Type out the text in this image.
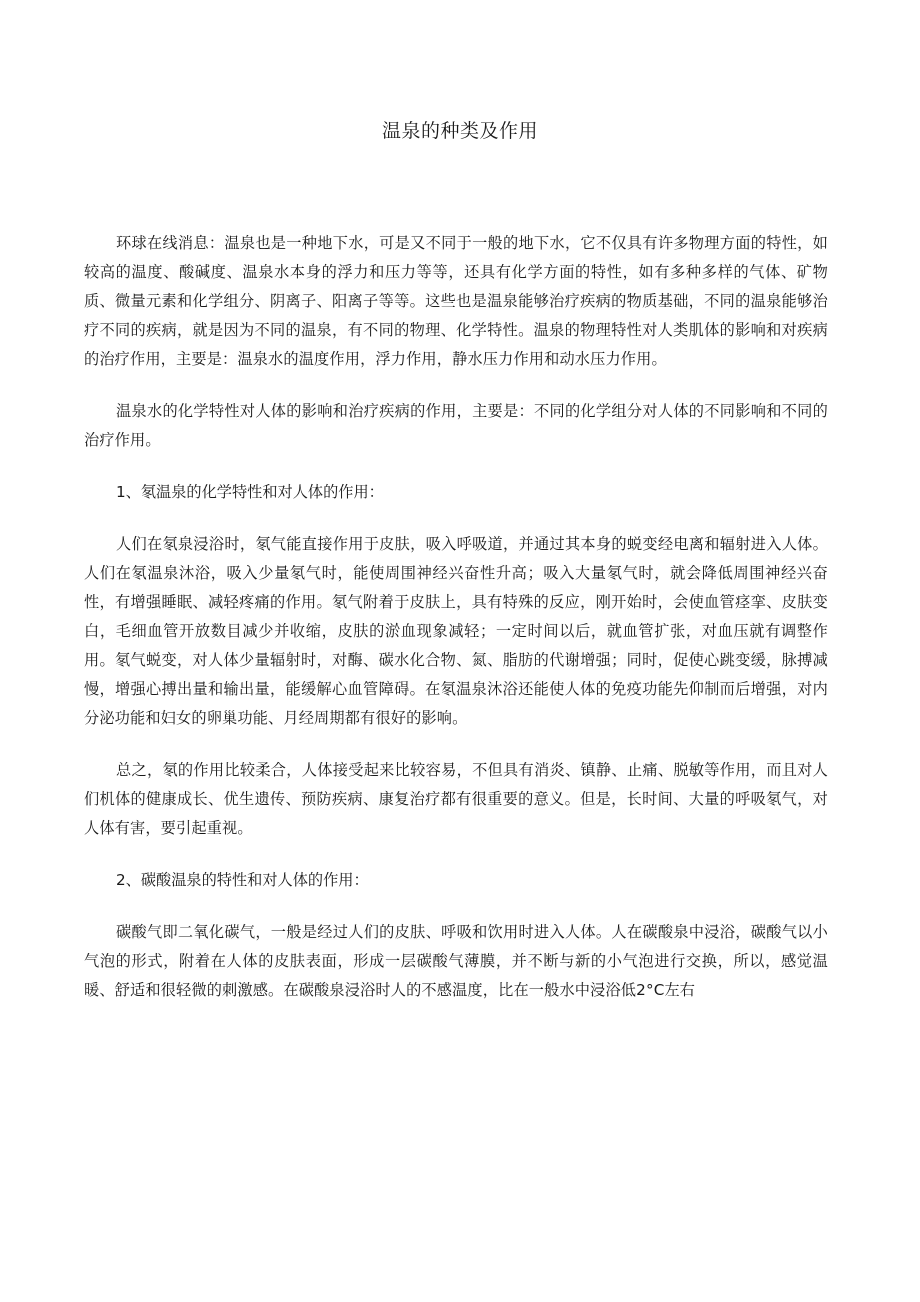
温泉的种类及作用

环球在线消息：温泉也是一种地下水，可是又不同于一般的地下水，它不仅具有许多物理方面的特性，如较高的温度、酸碱度、温泉水本身的浮力和压力等等，还具有化学方面的特性，如有多种多样的气体、矿物质、微量元素和化学组分、阴离子、阳离子等等。这些也是温泉能够治疗疾病的物质基础，不同的温泉能够治疗不同的疾病，就是因为不同的温泉，有不同的物理、化学特性。温泉的物理特性对人类肌体的影响和对疾病的治疗作用，主要是：温泉水的温度作用，浮力作用，静水压力作用和动水压力作用。

温泉水的化学特性对人体的影响和治疗疾病的作用，主要是：不同的化学组分对人体的不同影响和不同的治疗作用。

1、氡温泉的化学特性和对人体的作用：

人们在氡泉浸浴时，氡气能直接作用于皮肤，吸入呼吸道，并通过其本身的蜕变经电离和辐射进入人体。人们在氡温泉沐浴，吸入少量氡气时，能使周围神经兴奋性升高；吸入大量氡气时，就会降低周围神经兴奋性，有增强睡眠、减轻疼痛的作用。氡气附着于皮肤上，具有特殊的反应，刚开始时，会使血管痉挛、皮肤变白，毛细血管开放数目减少并收缩，皮肤的淤血现象减轻；一定时间以后，就血管扩张，对血压就有调整作用。氡气蜕变，对人体少量辐射时，对酶、碳水化合物、氮、脂肪的代谢增强；同时，促使心跳变缓，脉搏减慢，增强心搏出量和输出量，能缓解心血管障碍。在氡温泉沐浴还能使人体的免疫功能先仰制而后增强，对内分泌功能和妇女的卵巢功能、月经周期都有很好的影响。

总之，氡的作用比较柔合，人体接受起来比较容易，不但具有消炎、镇静、止痛、脱敏等作用，而且对人们机体的健康成长、优生遗传、预防疾病、康复治疗都有很重要的意义。但是，长时间、大量的呼吸氡气，对人体有害，要引起重视。

2、碳酸温泉的特性和对人体的作用：

碳酸气即二氧化碳气，一般是经过人们的皮肤、呼吸和饮用时进入人体。人在碳酸泉中浸浴，碳酸气以小气泡的形式，附着在人体的皮肤表面，形成一层碳酸气薄膜，并不断与新的小气泡进行交换，所以，感觉温暖、舒适和很轻微的刺激感。在碳酸泉浸浴时人的不感温度，比在一般水中浸浴低2°C左右
